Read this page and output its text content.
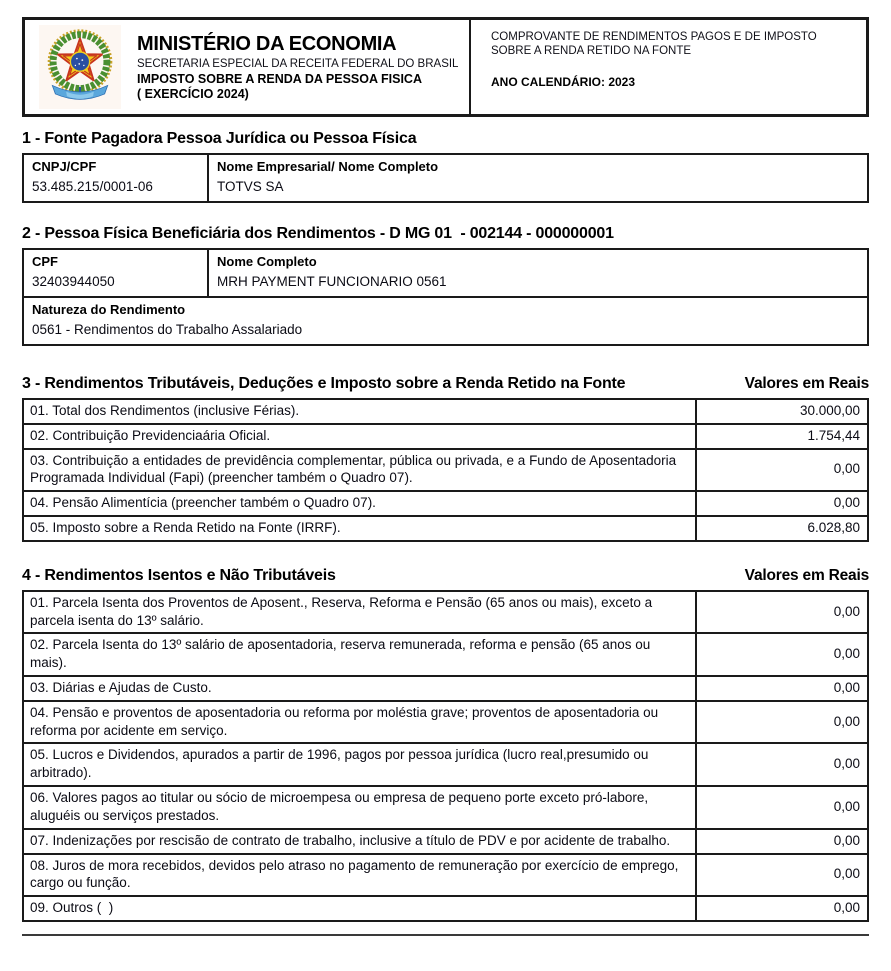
MINISTÉRIO DA ECONOMIA
SECRETARIA ESPECIAL DA RECEITA FEDERAL DO BRASIL
IMPOSTO SOBRE A RENDA DA PESSOA FISICA
( EXERCÍCIO 2024)
COMPROVANTE DE RENDIMENTOS PAGOS E DE IMPOSTO SOBRE A RENDA RETIDO NA FONTE
ANO CALENDÁRIO: 2023
1 - Fonte Pagadora Pessoa Jurídica ou Pessoa Física
CNPJ/CPF
53.485.215/0001-06

Nome Empresarial/ Nome Completo
TOTVS SA
2 - Pessoa Física Beneficiária dos Rendimentos - D MG 01  - 002144 - 000000001
CPF
32403944050

Nome Completo
MRH PAYMENT FUNCIONARIO 0561

Natureza do Rendimento
0561 - Rendimentos do Trabalho Assalariado
3 - Rendimentos Tributáveis, Deduções e Imposto sobre a Renda Retido na Fonte	Valores em Reais
01. Total dos Rendimentos (inclusive Férias).	30.000,00
02. Contribuição Previdenciaária Oficial.	1.754,44
03. Contribuição a entidades de previdência complementar, pública ou privada, e a Fundo de Aposentadoria Programada Individual (Fapi) (preencher também o Quadro 07).	0,00
04. Pensão Alimentícia (preencher também o Quadro 07).	0,00
05. Imposto sobre a Renda Retido na Fonte (IRRF).	6.028,80
4 - Rendimentos Isentos e Não Tributáveis	Valores em Reais
01. Parcela Isenta dos Proventos de Aposent., Reserva, Reforma e Pensão (65 anos ou mais), exceto a parcela isenta do 13º salário.	0,00
02. Parcela Isenta do 13º salário de aposentadoria, reserva remunerada, reforma e pensão (65 anos ou mais).	0,00
03. Diárias e Ajudas de Custo.	0,00
04. Pensão e proventos de aposentadoria ou reforma por moléstia grave; proventos de aposentadoria ou reforma por acidente em serviço.	0,00
05. Lucros e Dividendos, apurados a partir de 1996, pagos por pessoa jurídica (lucro real,presumido ou arbitrado).	0,00
06. Valores pagos ao titular ou sócio de microempesa ou empresa de pequeno porte exceto pró-labore, aluguéis ou serviços prestados.	0,00
07. Indenizações por rescisão de contrato de trabalho, inclusive a título de PDV e por acidente de trabalho.	0,00
08. Juros de mora recebidos, devidos pelo atraso no pagamento de remuneração por exercício de emprego, cargo ou função.	0,00
09. Outros (  )	0,00
